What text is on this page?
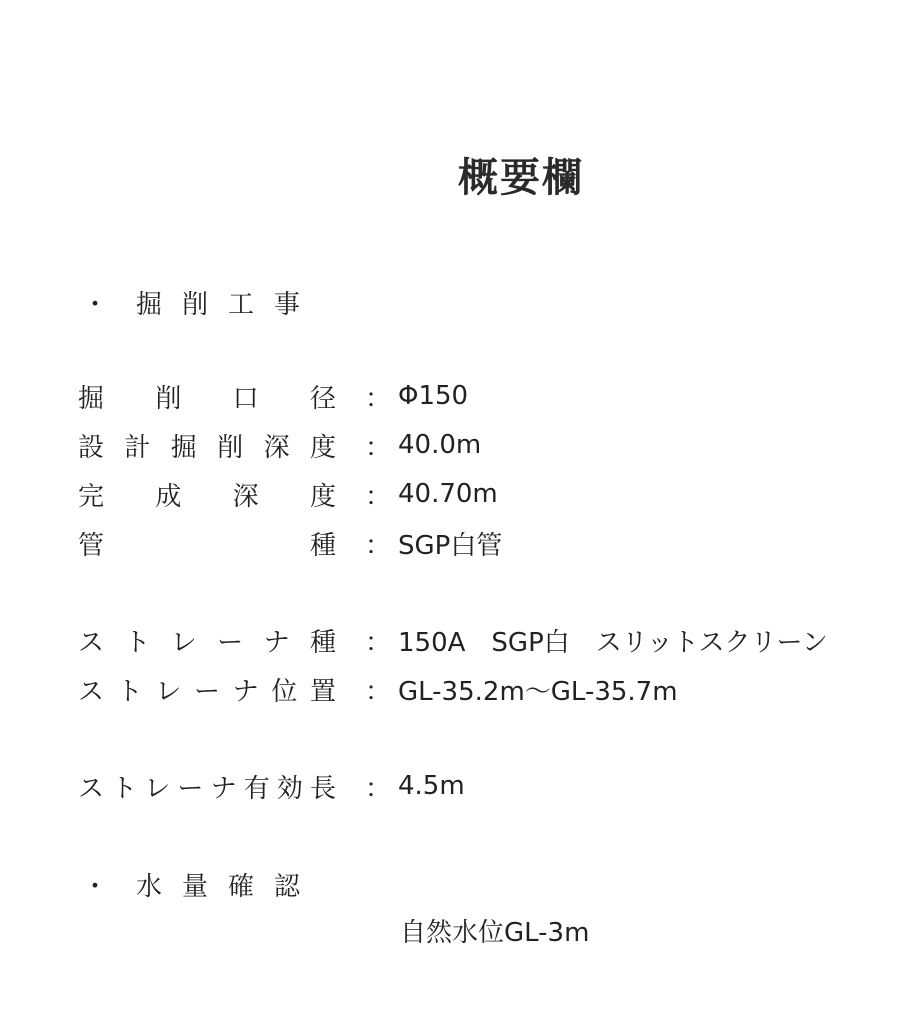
概要欄
・	掘削工事
掘 削 口 径	： Φ150
設 計 掘 削 深 度	： 40.0m
完 成 深 度	： 40.70m
管	種	： SGP白管
ス ト レ ー ナ 種	： 150A　SGP白　スリットスクリーン
ス ト レ ー ナ 位 置	： GL-35.2m～GL-35.7m
ス ト レ ー ナ 有 効 長	： 4.5m
・	水量確認
自然水位GL-3m
